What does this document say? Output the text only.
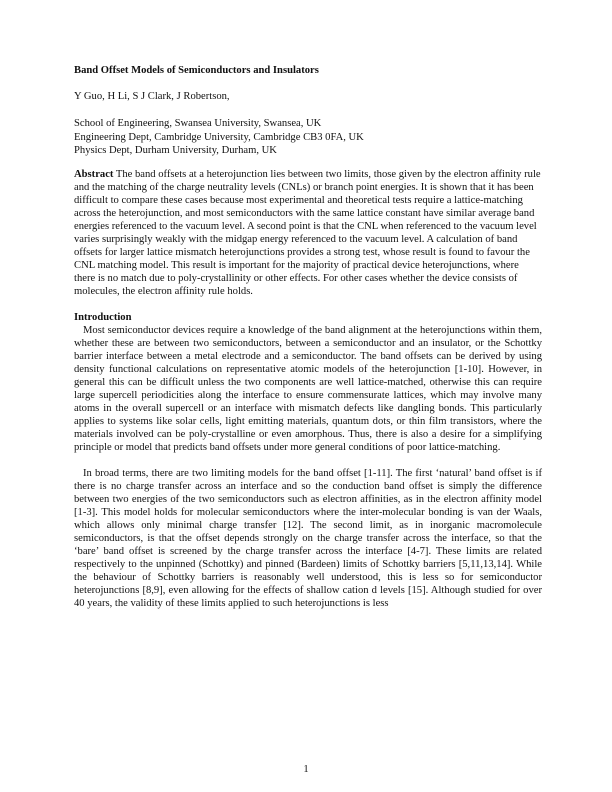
Band Offset Models of Semiconductors and Insulators

Y Guo, H Li, S J Clark, J Robertson,

School of Engineering, Swansea University, Swansea, UK
Engineering Dept, Cambridge University, Cambridge CB3 0FA, UK
Physics Dept, Durham University, Durham, UK

Abstract The band offsets at a heterojunction lies between two limits, those given by the electron affinity rule and the matching of the charge neutrality levels (CNLs) or branch point energies. It is shown that it has been difficult to compare these cases because most experimental and theoretical tests require a lattice-matching across the heterojunction, and most semiconductors with the same lattice constant have similar average band energies referenced to the vacuum level. A second point is that the CNL when referenced to the vacuum level varies surprisingly weakly with the midgap energy referenced to the vacuum level. A calculation of band offsets for larger lattice mismatch heterojunctions provides a strong test, whose result is found to favour the CNL matching model. This result is important for the majority of practical device heterojunctions, where there is no match due to poly-crystallinity or other effects. For other cases whether the device consists of molecules, the electron affinity rule holds.

Introduction

Most semiconductor devices require a knowledge of the band alignment at the heterojunctions within them, whether these are between two semiconductors, between a semiconductor and an insulator, or the Schottky barrier interface between a metal electrode and a semiconductor. The band offsets can be derived by using density functional calculations on representative atomic models of the heterojunction [1-10]. However, in general this can be difficult unless the two components are well lattice-matched, otherwise this can require large supercell periodicities along the interface to ensure commensurate lattices, which may involve many atoms in the overall supercell or an interface with mismatch defects like dangling bonds. This particularly applies to systems like solar cells, light emitting materials, quantum dots, or thin film transistors, where the materials involved can be poly-crystalline or even amorphous. Thus, there is also a desire for a simplifying principle or model that predicts band offsets under more general conditions of poor lattice-matching.

In broad terms, there are two limiting models for the band offset [1-11]. The first ‘natural’ band offset is if there is no charge transfer across an interface and so the conduction band offset is simply the difference between two energies of the two semiconductors such as electron affinities, as in the electron affinity model [1-3]. This model holds for molecular semiconductors where the inter-molecular bonding is van der Waals, which allows only minimal charge transfer [12]. The second limit, as in inorganic macromolecule semiconductors, is that the offset depends strongly on the charge transfer across the interface, so that the ‘bare’ band offset is screened by the charge transfer across the interface [4-7]. These limits are related respectively to the unpinned (Schottky) and pinned (Bardeen) limits of Schottky barriers [5,11,13,14]. While the behaviour of Schottky barriers is reasonably well understood, this is less so for semiconductor heterojunctions [8,9], even allowing for the effects of shallow cation d levels [15]. Although studied for over 40 years, the validity of these limits applied to such heterojunctions is less

1
